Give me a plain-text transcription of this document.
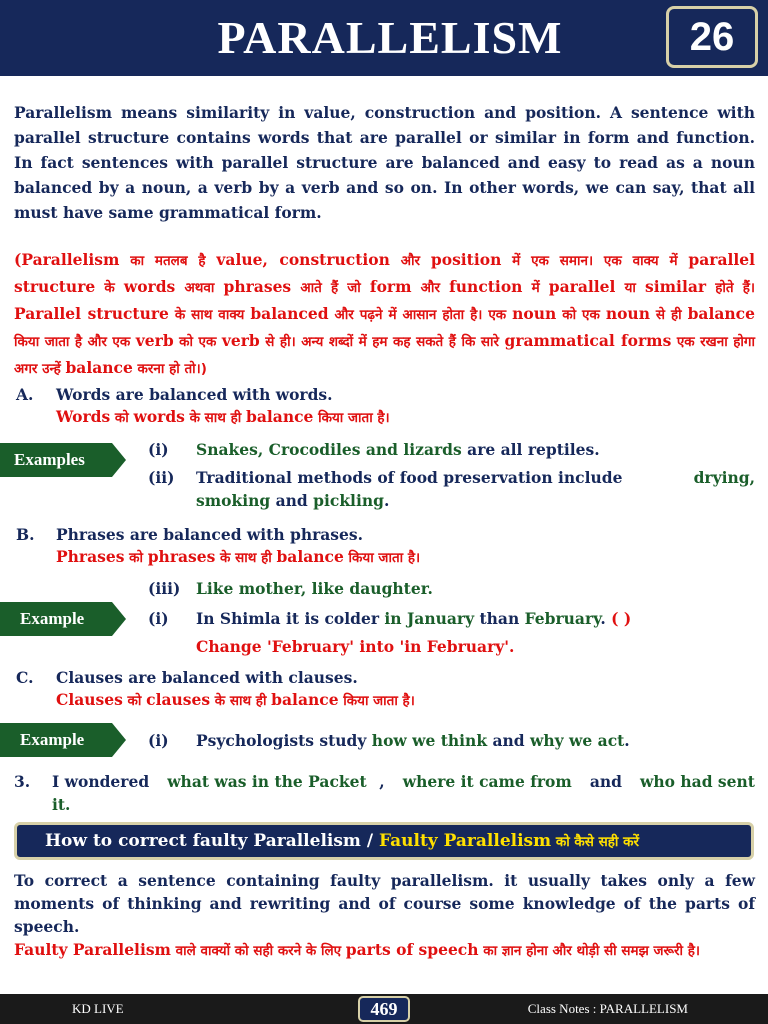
PARALLELISM	26
Parallelism means similarity in value, construction and position. A sentence with parallel structure contains words that are parallel or similar in form and function. In fact sentences with parallel structure are balanced and easy to read as a noun balanced by a noun, a verb by a verb and so on. In other words, we can say, that all must have same grammatical form.
(Parallelism का मतलब है value, construction और position में एक समान। एक वाक्य में parallel structure के words अथवा phrases आते हैं जो form और function में parallel या similar होते हैं। Parallel structure के साथ वाक्य balanced और पढ़ने में आसान होता है। एक noun को एक noun से ही balance किया जाता है और एक verb को एक verb से ही। अन्य शब्दों में हम कह सकते हैं कि सारे grammatical forms एक रखना होगा अगर उन्हें balance करना हो तो।)
A. Words are balanced with words.
Words को words के साथ ही balance किया जाता है।
Examples
(i) Snakes, Crocodiles and lizards are all reptiles.
(ii) Traditional methods of food preservation include	drying,
smoking and pickling.
B. Phrases are balanced with phrases.
Phrases को phrases के साथ ही balance किया जाता है।
(iii) Like mother, like daughter.
Example	(i) In Shimla it is colder in January than February. ( )
Change 'February' into 'in February'.
C. Clauses are balanced with clauses.
Clauses को clauses के साथ ही balance किया जाता है।
Example	(i) Psychologists study how we think and why we act.
3. I wondered what was in the Packet , where it came from and who had sent
it.
How to correct faulty Parallelism / Faulty Parallelism को कैसे सही करें
To correct a sentence containing faulty parallelism. it usually takes only a few moments of thinking and rewriting and of course some knowledge of the parts of speech.
Faulty Parallelism वाले वाक्यों को सही करने के लिए parts of speech का ज्ञान होना और थोड़ी सी समझ जरूरी है।
KD LIVE	Class Notes : PARALLELISM
469
